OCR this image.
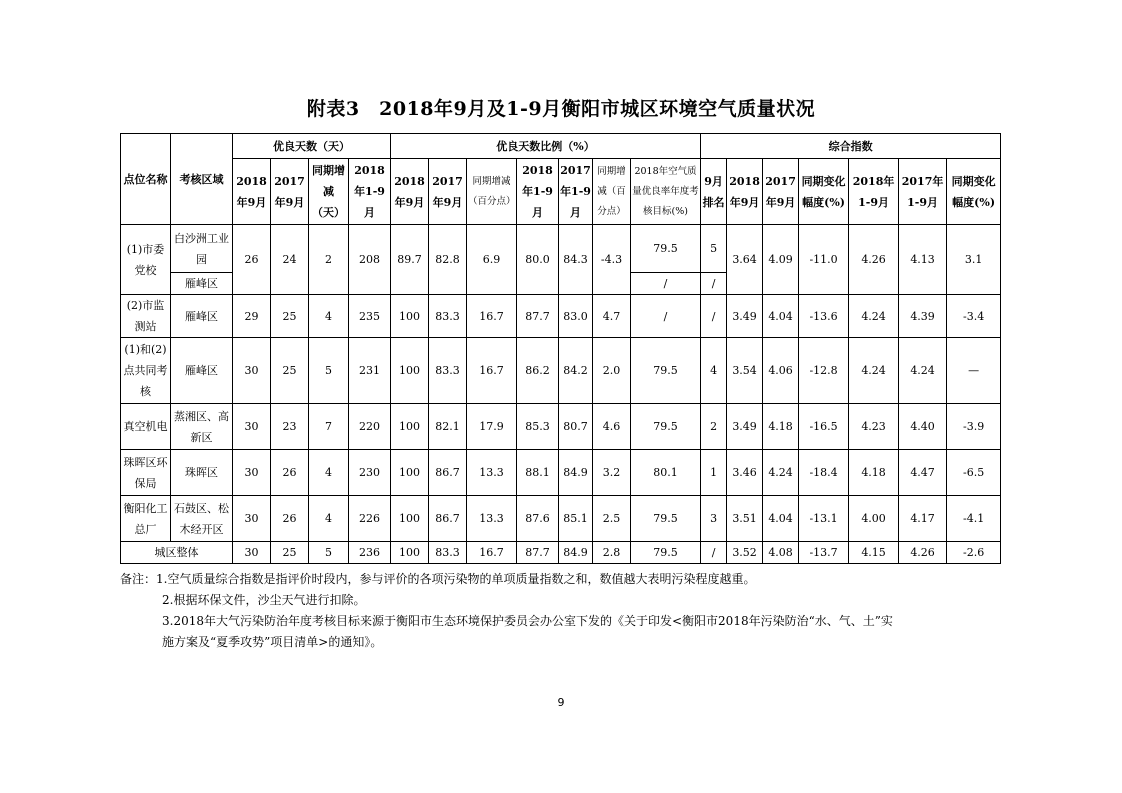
附表3　2018年9月及1-9月衡阳市城区环境空气质量状况
点位名称	考核区域	优良天数（天）				优良天数比例（%）							综合指数						
		2018年9月	2017年9月	同期增减（天）	2018年1-9月	2018年9月	2017年9月	同期增减（百分点）	2018年1-9月	2017年1-9月	同期增减（百分点）	2018年空气质量优良率年度考核目标(%)	9月排名	2018年9月	2017年9月	同期变化幅度(%)	2018年1-9月	2017年1-9月	同期变化幅度(%)
(1)市委党校	白沙洲工业园	26	24	2	208	89.7	82.8	6.9	80.0	84.3	-4.3	79.5	5	3.64	4.09	-11.0	4.26	4.13	3.1
	雁峰区											/	/						
(2)市监测站	雁峰区	29	25	4	235	100	83.3	16.7	87.7	83.0	4.7	/	/	3.49	4.04	-13.6	4.24	4.39	-3.4
(1)和(2)点共同考核	雁峰区	30	25	5	231	100	83.3	16.7	86.2	84.2	2.0	79.5	4	3.54	4.06	-12.8	4.24	4.24	—
真空机电	蒸湘区、高新区	30	23	7	220	100	82.1	17.9	85.3	80.7	4.6	79.5	2	3.49	4.18	-16.5	4.23	4.40	-3.9
珠晖区环保局	珠晖区	30	26	4	230	100	86.7	13.3	88.1	84.9	3.2	80.1	1	3.46	4.24	-18.4	4.18	4.47	-6.5
衡阳化工总厂	石鼓区、松木经开区	30	26	4	226	100	86.7	13.3	87.6	85.1	2.5	79.5	3	3.51	4.04	-13.1	4.00	4.17	-4.1
城区整体		30	25	5	236	100	83.3	16.7	87.7	84.9	2.8	79.5	/	3.52	4.08	-13.7	4.15	4.26	-2.6
备注：1.空气质量综合指数是指评价时段内，参与评价的各项污染物的单项质量指数之和，数值越大表明污染程度越重。
2.根据环保文件，沙尘天气进行扣除。
3.2018年大气污染防治年度考核目标来源于衡阳市生态环境保护委员会办公室下发的《关于印发<衡阳市2018年污染防治“水、气、土”实
施方案及“夏季攻势”项目清单>的通知》。
9
